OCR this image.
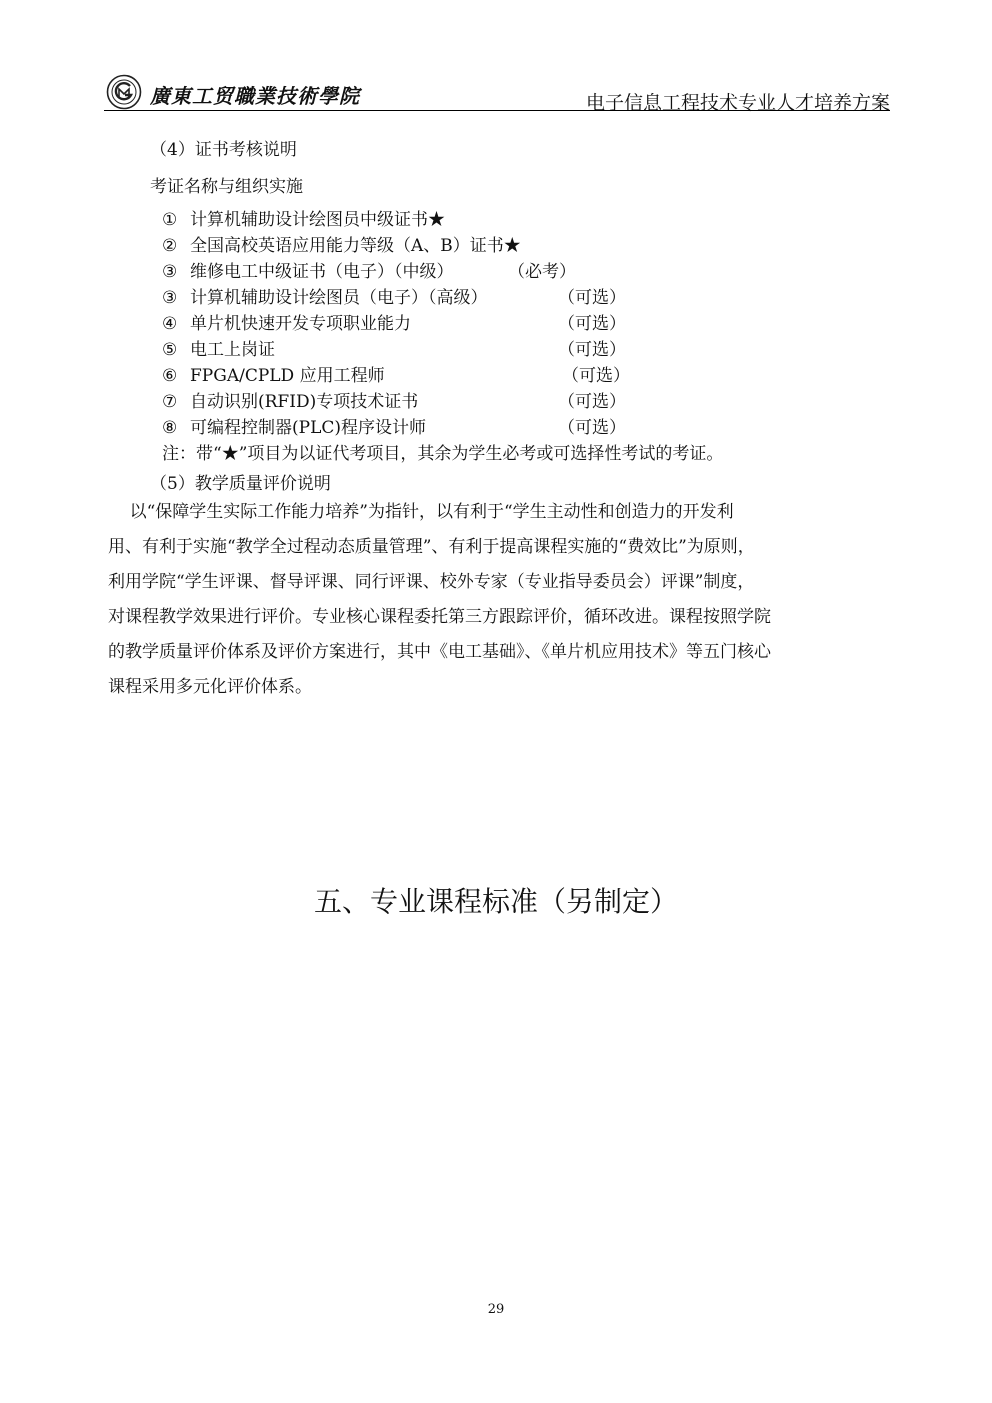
廣東工贸職業技術學院	电子信息工程技术专业人才培养方案
（4）证书考核说明
考证名称与组织实施
① 计算机辅助设计绘图员中级证书★
② 全国高校英语应用能力等级（A、B）证书★
③ 维修电工中级证书（电子）（中级）	（必考）
③ 计算机辅助设计绘图员（电子）（高级）	（可选）
④ 单片机快速开发专项职业能力	（可选）
⑤ 电工上岗证	（可选）
⑥ FPGA/CPLD 应用工程师	（可选）
⑦ 自动识别(RFID)专项技术证书	（可选）
⑧ 可编程控制器(PLC)程序设计师	（可选）
注：带“★”项目为以证代考项目，其余为学生必考或可选择性考试的考证。
（5）教学质量评价说明

以“保障学生实际工作能力培养”为指针，以有利于“学生主动性和创造力的开发利

用、有利于实施“教学全过程动态质量管理”、有利于提高课程实施的“费效比”为原则，

利用学院“学生评课、督导评课、同行评课、校外专家（专业指导委员会）评课”制度，

对课程教学效果进行评价。专业核心课程委托第三方跟踪评价，循环改进。课程按照学院

的教学质量评价体系及评价方案进行，其中《电工基础》、《单片机应用技术》等五门核心

课程采用多元化评价体系。

五、专业课程标准（另制定）
29
